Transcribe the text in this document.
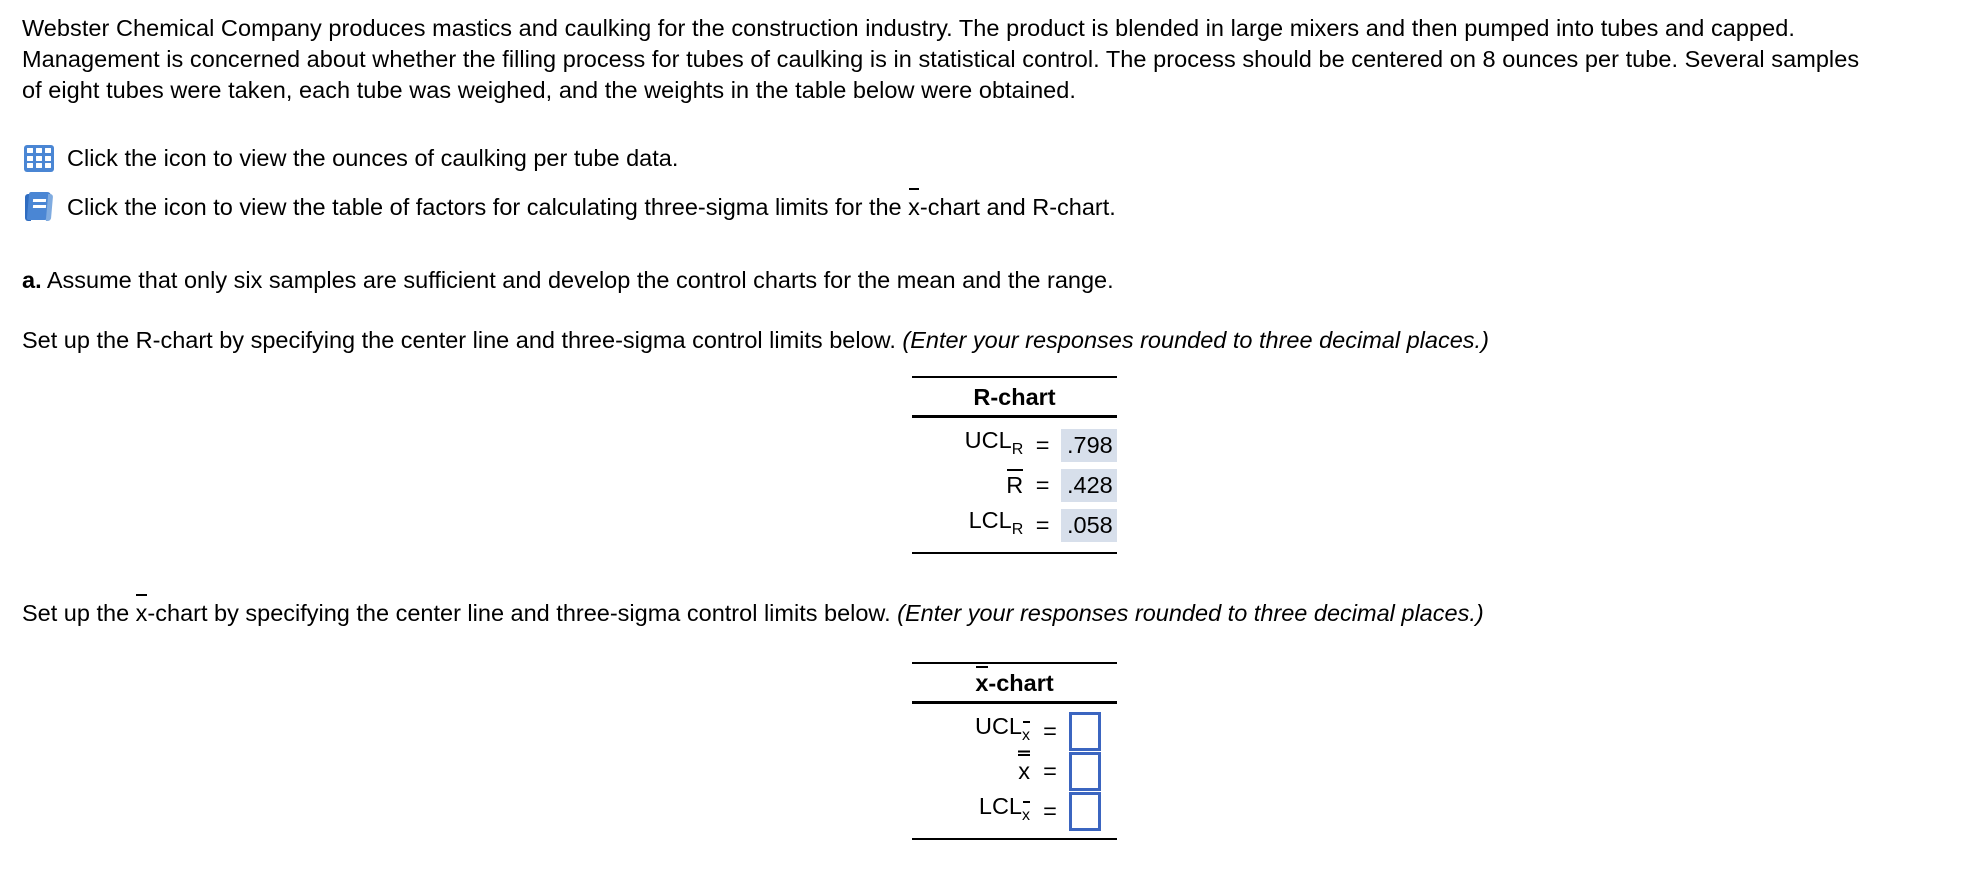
Webster Chemical Company produces mastics and caulking for the construction industry. The product is blended in large mixers and then pumped into tubes and capped. Management is concerned about whether the filling process for tubes of caulking is in statistical control. The process should be centered on 8 ounces per tube. Several samples of eight tubes were taken, each tube was weighed, and the weights in the table below were obtained.
Click the icon to view the ounces of caulking per tube data.
Click the icon to view the table of factors for calculating three-sigma limits for the x-chart and R-chart.
a. Assume that only six samples are sufficient and develop the control charts for the mean and the range.
Set up the R-chart by specifying the center line and three-sigma control limits below. (Enter your responses rounded to three decimal places.)
R-chart
UCLR = .798
R = .428
LCLR = .058
Set up the x-chart by specifying the center line and three-sigma control limits below. (Enter your responses rounded to three decimal places.)
x-chart
UCLx =
x =
LCLx =
